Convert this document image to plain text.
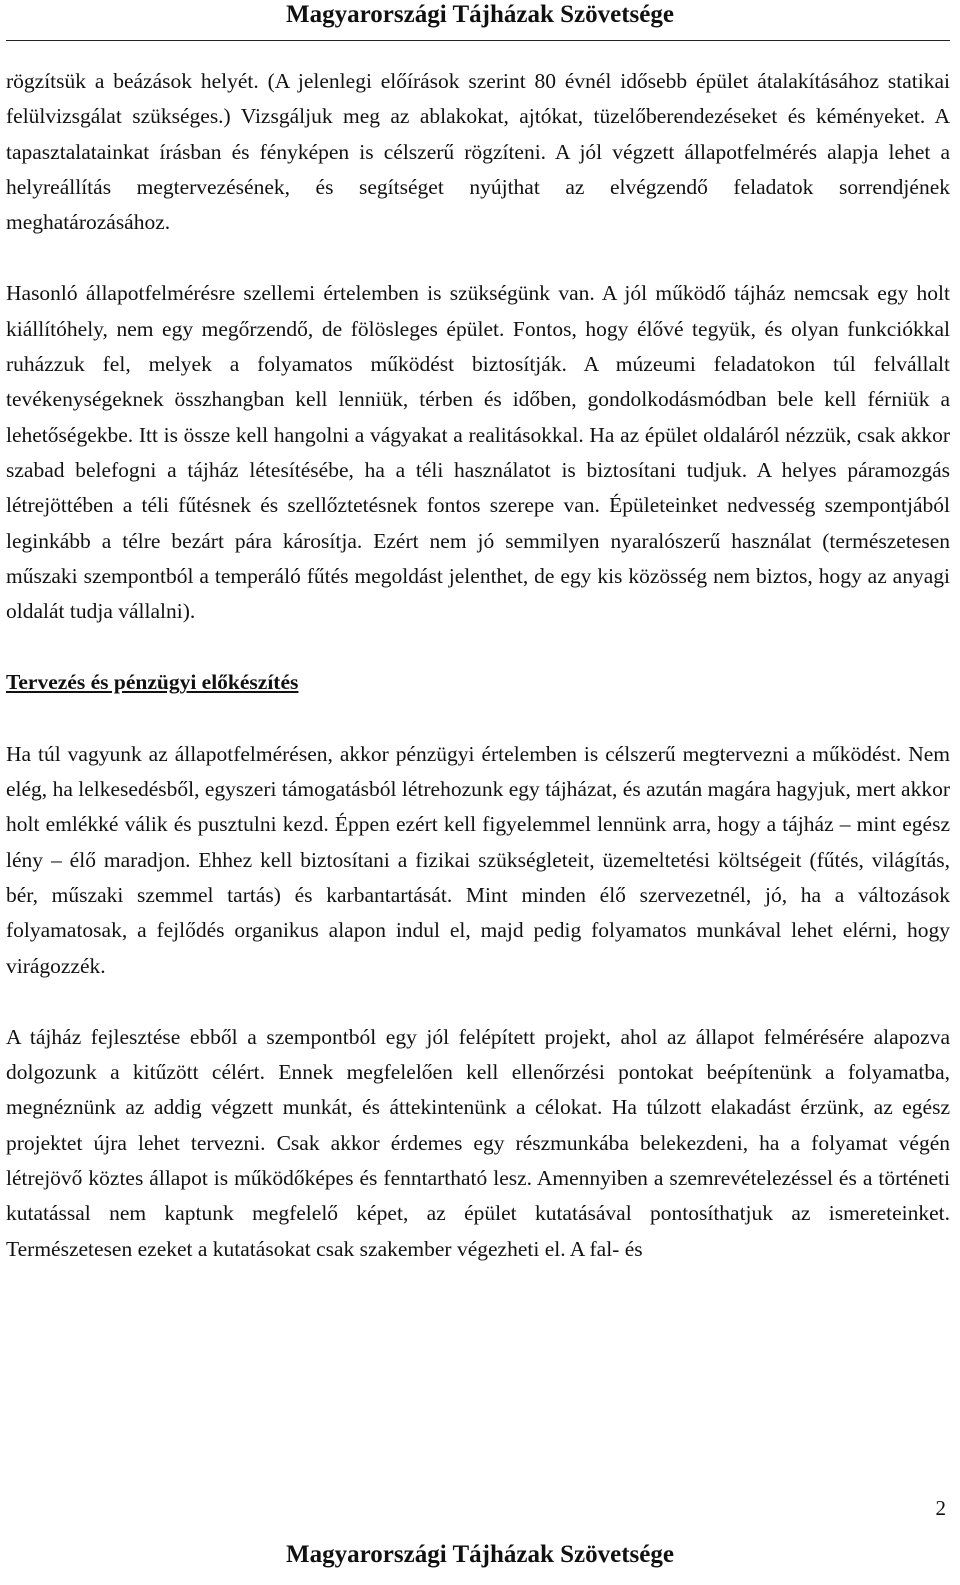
Magyarországi Tájházak Szövetsége

rögzítsük a beázások helyét. (A jelenlegi előírások szerint 80 évnél idősebb épület átalakításához statikai felülvizsgálat szükséges.) Vizsgáljuk meg az ablakokat, ajtókat, tüzelőberendezéseket és kéményeket. A tapasztalatainkat írásban és fényképen is célszerű rögzíteni. A jól végzett állapotfelmérés alapja lehet a helyreállítás megtervezésének, és segítséget nyújthat az elvégzendő feladatok sorrendjének meghatározásához.

Hasonló állapotfelmérésre szellemi értelemben is szükségünk van. A jól működő tájház nemcsak egy holt kiállítóhely, nem egy megőrzendő, de fölösleges épület. Fontos, hogy élővé tegyük, és olyan funkciókkal ruházzuk fel, melyek a folyamatos működést biztosítják. A múzeumi feladatokon túl felvállalt tevékenységeknek összhangban kell lenniük, térben és időben, gondolkodásmódban bele kell férniük a lehetőségekbe. Itt is össze kell hangolni a vágyakat a realitásokkal. Ha az épület oldaláról nézzük, csak akkor szabad belefogni a tájház létesítésébe, ha a téli használatot is biztosítani tudjuk. A helyes páramozgás létrejöttében a téli fűtésnek és szellőztetésnek fontos szerepe van. Épületeinket nedvesség szempontjából leginkább a télre bezárt pára károsítja. Ezért nem jó semmilyen nyaralószerű használat (természetesen műszaki szempontból a temperáló fűtés megoldást jelenthet, de egy kis közösség nem biztos, hogy az anyagi oldalát tudja vállalni).

Tervezés és pénzügyi előkészítés

Ha túl vagyunk az állapotfelmérésen, akkor pénzügyi értelemben is célszerű megtervezni a működést. Nem elég, ha lelkesedésből, egyszeri támogatásból létrehozunk egy tájházat, és azután magára hagyjuk, mert akkor holt emlékké válik és pusztulni kezd. Éppen ezért kell figyelemmel lennünk arra, hogy a tájház – mint egész lény – élő maradjon. Ehhez kell biztosítani a fizikai szükségleteit, üzemeltetési költségeit (fűtés, világítás, bér, műszaki szemmel tartás) és karbantartását. Mint minden élő szervezetnél, jó, ha a változások folyamatosak, a fejlődés organikus alapon indul el, majd pedig folyamatos munkával lehet elérni, hogy virágozzék.

A tájház fejlesztése ebből a szempontból egy jól felépített projekt, ahol az állapot felmérésére alapozva dolgozunk a kitűzött célért. Ennek megfelelően kell ellenőrzési pontokat beépítenünk a folyamatba, megnéznünk az addig végzett munkát, és áttekintenünk a célokat. Ha túlzott elakadást érzünk, az egész projektet újra lehet tervezni. Csak akkor érdemes egy részmunkába belekezdeni, ha a folyamat végén létrejövő köztes állapot is működőképes és fenntartható lesz. Amennyiben a szemrevételezéssel és a történeti kutatással nem kaptunk megfelelő képet, az épület kutatásával pontosíthatjuk az ismereteinket. Természetesen ezeket a kutatásokat csak szakember végezheti el. A fal- és

2
Magyarországi Tájházak Szövetsége
